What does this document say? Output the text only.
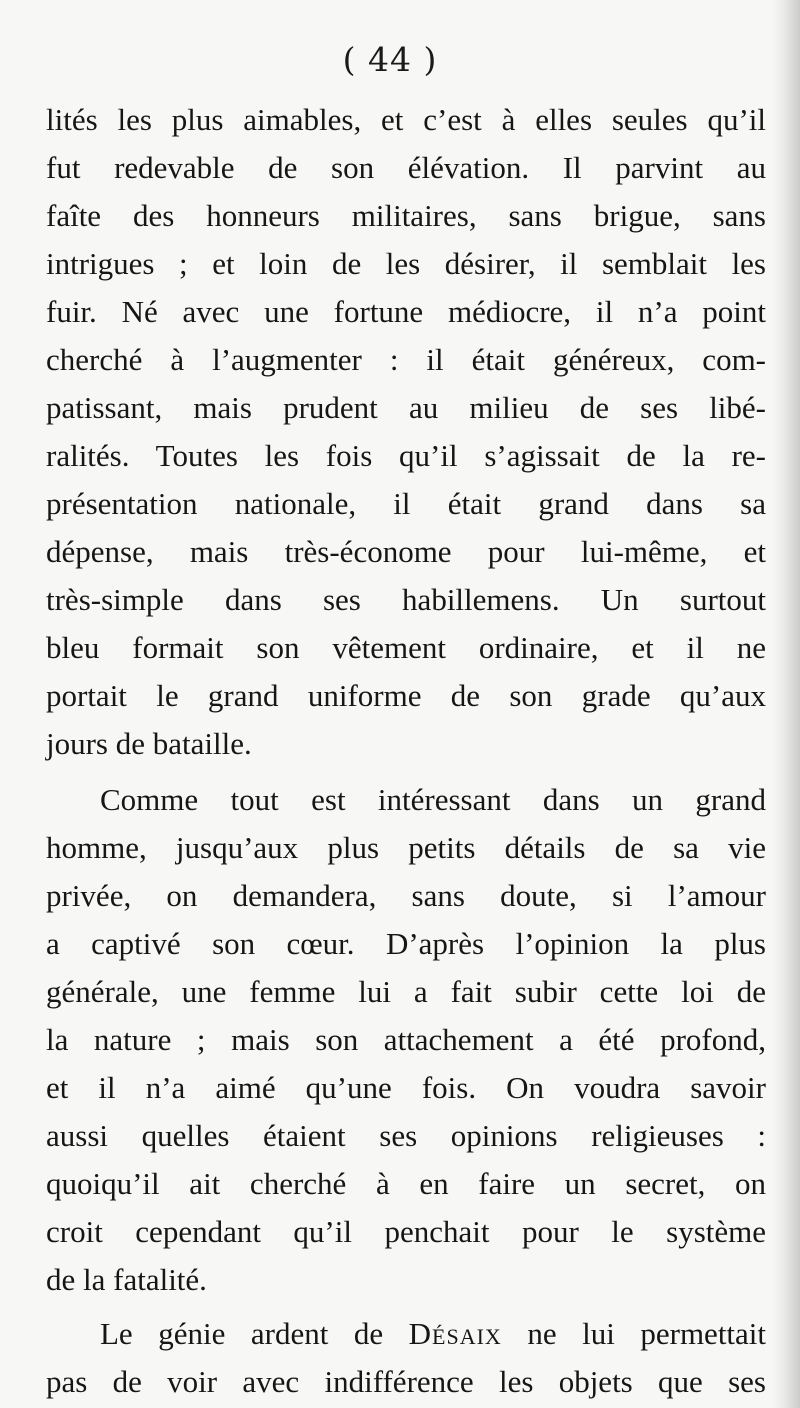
( 44 )
lités les plus aimables, et c’est à elles seules qu’il
fut redevable de son élévation. Il parvint au
faîte des honneurs militaires, sans brigue, sans
intrigues ; et loin de les désirer, il semblait les
fuir. Né avec une fortune médiocre, il n’a point
cherché à l’augmenter : il était généreux, com-
patissant, mais prudent au milieu de ses libé-
ralités. Toutes les fois qu’il s’agissait de la re-
présentation nationale, il était grand dans sa
dépense, mais très-économe pour lui-même, et
très-simple dans ses habillemens. Un surtout
bleu formait son vêtement ordinaire, et il ne
portait le grand uniforme de son grade qu’aux
jours de bataille.
Comme tout est intéressant dans un grand
homme, jusqu’aux plus petits détails de sa vie
privée, on demandera, sans doute, si l’amour
a captivé son cœur. D’après l’opinion la plus
générale, une femme lui a fait subir cette loi de
la nature ; mais son attachement a été profond,
et il n’a aimé qu’une fois. On voudra savoir
aussi quelles étaient ses opinions religieuses :
quoiqu’il ait cherché à en faire un secret, on
croit cependant qu’il penchait pour le système
de la fatalité.
Le génie ardent de Désaix ne lui permettait
pas de voir avec indifférence les objets que ses
